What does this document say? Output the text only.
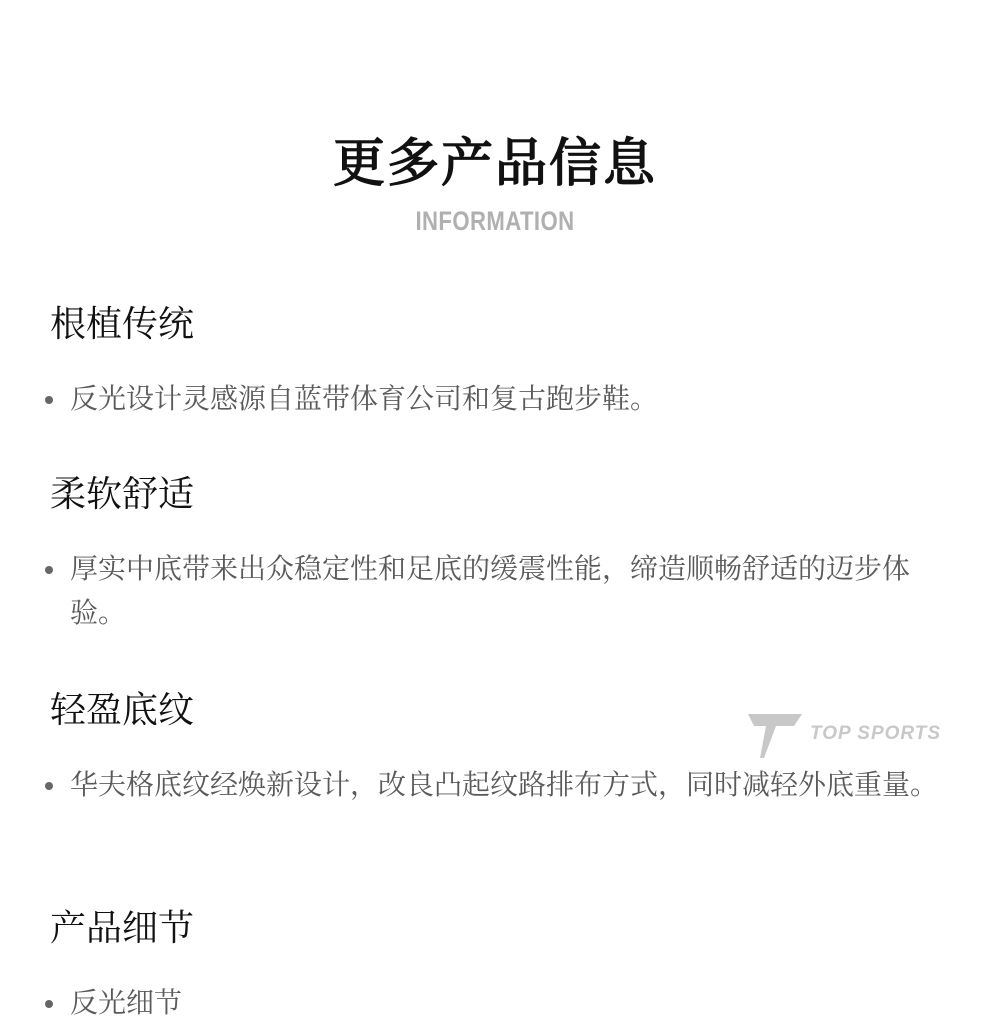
更多产品信息
INFORMATION
根植传统
反光设计灵感源自蓝带体育公司和复古跑步鞋。
柔软舒适
厚实中底带来出众稳定性和足底的缓震性能，缔造顺畅舒适的迈步体验。
轻盈底纹
华夫格底纹经焕新设计，改良凸起纹路排布方式，同时减轻外底重量。
产品细节
反光细节
TOP SPORTS
